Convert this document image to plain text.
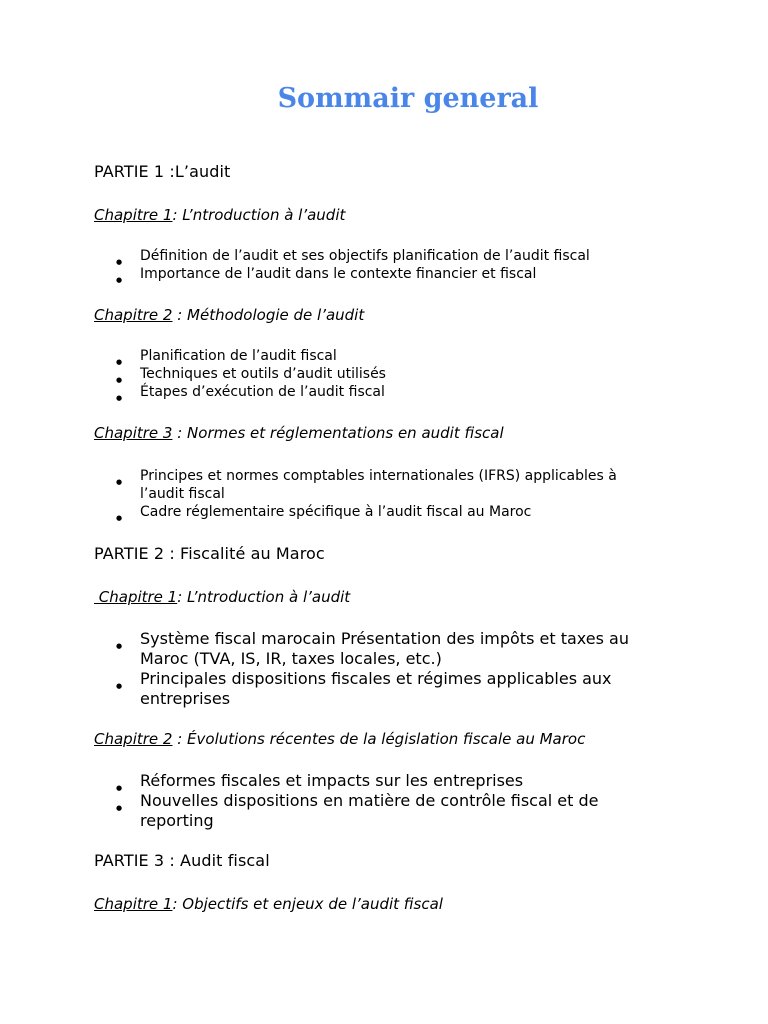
Sommair general
PARTIE 1 :L’audit
Chapitre 1: L’ntroduction à l’audit
● Définition de l’audit et ses objectifs planification de l’audit fiscal
● Importance de l’audit dans le contexte financier et fiscal
Chapitre 2 : Méthodologie de l’audit
● Planification de l’audit fiscal
● Techniques et outils d’audit utilisés
● Étapes d’exécution de l’audit fiscal
Chapitre 3 : Normes et réglementations en audit fiscal
● Principes et normes comptables internationales (IFRS) applicables à
l’audit fiscal
● Cadre réglementaire spécifique à l’audit fiscal au Maroc
PARTIE 2 : Fiscalité au Maroc
Chapitre 1: L’ntroduction à l’audit
● Système fiscal marocain Présentation des impôts et taxes au
Maroc (TVA, IS, IR, taxes locales, etc.)
● Principales dispositions fiscales et régimes applicables aux
entreprises
Chapitre 2 : Évolutions récentes de la législation fiscale au Maroc
● Réformes fiscales et impacts sur les entreprises
● Nouvelles dispositions en matière de contrôle fiscal et de
reporting
PARTIE 3 : Audit fiscal
Chapitre 1: Objectifs et enjeux de l’audit fiscal
